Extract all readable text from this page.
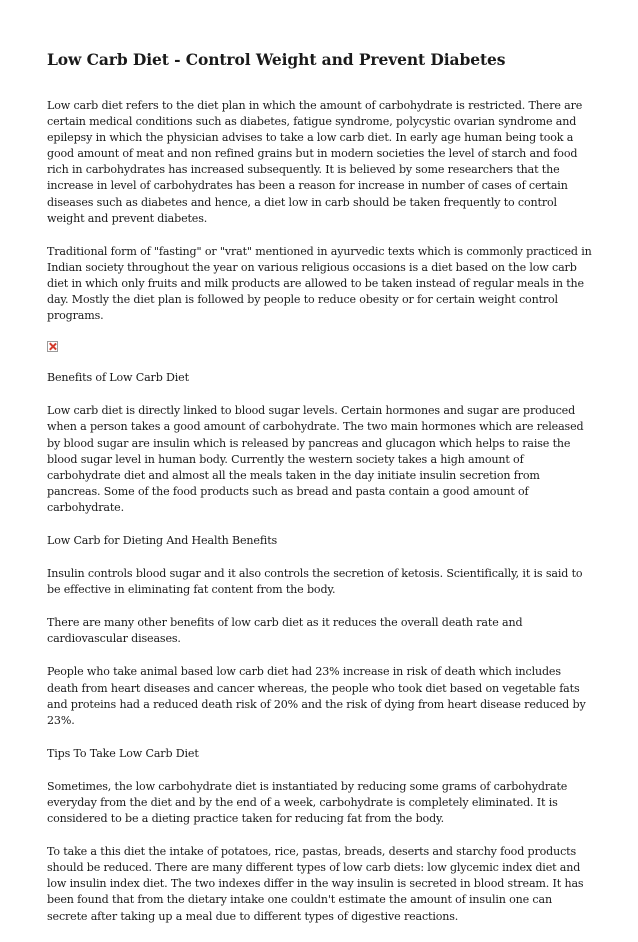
Low Carb Diet - Control Weight and Prevent Diabetes

Low carb diet refers to the diet plan in which the amount of carbohydrate is restricted. There are certain medical conditions such as diabetes, fatigue syndrome, polycystic ovarian syndrome and epilepsy in which the physician advises to take a low carb diet. In early age human being took a good amount of meat and non refined grains but in modern societies the level of starch and food rich in carbohydrates has increased subsequently. It is believed by some researchers that the increase in level of carbohydrates has been a reason for increase in number of cases of certain diseases such as diabetes and hence, a diet low in carb should be taken frequently to control weight and prevent diabetes.

Traditional form of "fasting" or "vrat" mentioned in ayurvedic texts which is commonly practiced in Indian society throughout the year on various religious occasions is a diet based on the low carb diet in which only fruits and milk products are allowed to be taken instead of regular meals in the day. Mostly the diet plan is followed by people to reduce obesity or for certain weight control programs.

Benefits of Low Carb Diet

Low carb diet is directly linked to blood sugar levels. Certain hormones and sugar are produced when a person takes a good amount of carbohydrate. The two main hormones which are released by blood sugar are insulin which is released by pancreas and glucagon which helps to raise the blood sugar level in human body. Currently the western society takes a high amount of carbohydrate diet and almost all the meals taken in the day initiate insulin secretion from pancreas. Some of the food products such as bread and pasta contain a good amount of carbohydrate.

Low Carb for Dieting And Health Benefits

Insulin controls blood sugar and it also controls the secretion of ketosis. Scientifically, it is said to be effective in eliminating fat content from the body.

There are many other benefits of low carb diet as it reduces the overall death rate and cardiovascular diseases.

People who take animal based low carb diet had 23% increase in risk of death which includes death from heart diseases and cancer whereas, the people who took diet based on vegetable fats and proteins had a reduced death risk of 20% and the risk of dying from heart disease reduced by 23%.

Tips To Take Low Carb Diet

Sometimes, the low carbohydrate diet is instantiated by reducing some grams of carbohydrate everyday from the diet and by the end of a week, carbohydrate is completely eliminated. It is considered to be a dieting practice taken for reducing fat from the body.

To take a this diet the intake of potatoes, rice, pastas, breads, deserts and starchy food products should be reduced. There are many different types of low carb diets: low glycemic index diet and low insulin index diet. The two indexes differ in the way insulin is secreted in blood stream. It has been found that from the dietary intake one couldn't estimate the amount of insulin one can secrete after taking up a meal due to different types of digestive reactions.
